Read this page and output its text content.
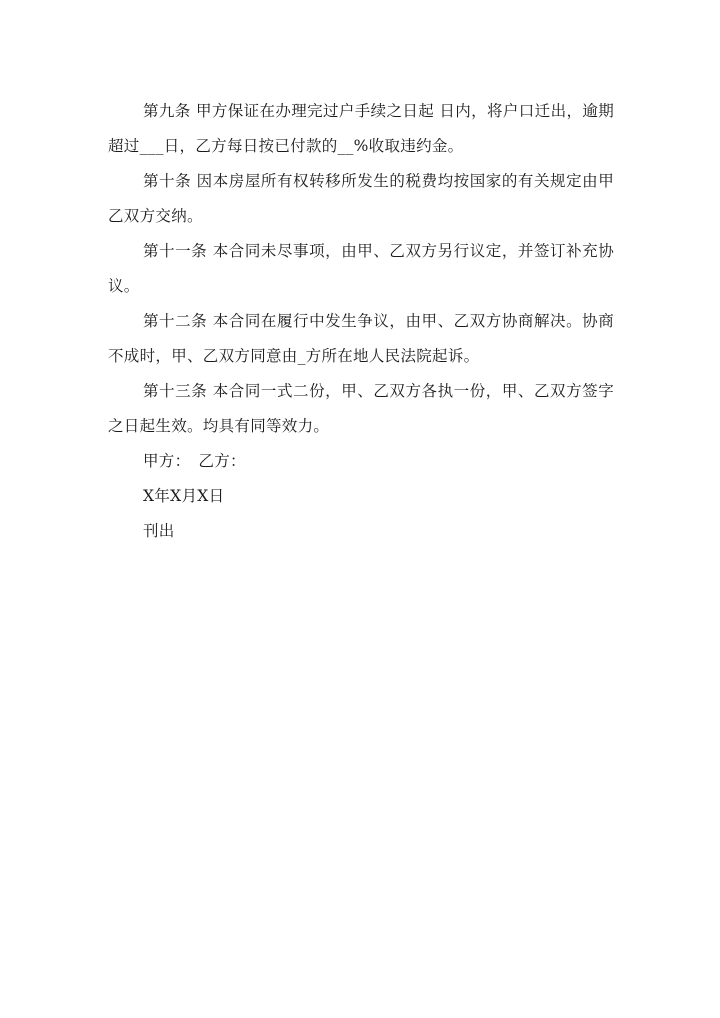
第九条 甲方保证在办理完过户手续之日起 日内，将户口迁出，逾期超过___日，乙方每日按已付款的__%收取违约金。

第十条 因本房屋所有权转移所发生的税费均按国家的有关规定由甲乙双方交纳。

第十一条 本合同未尽事项，由甲、乙双方另行议定，并签订补充协议。

第十二条 本合同在履行中发生争议，由甲、乙双方协商解决。协商不成时，甲、乙双方同意由_方所在地人民法院起诉。

第十三条 本合同一式二份，甲、乙双方各执一份，甲、乙双方签字之日起生效。均具有同等效力。

甲方：　乙方：

X年X月X日

刊出
